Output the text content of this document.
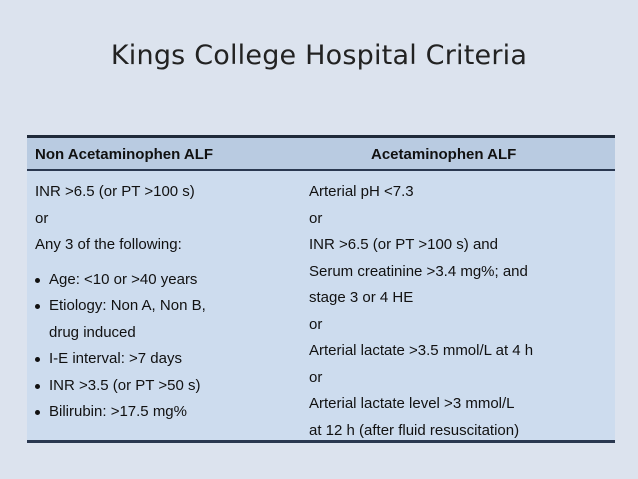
Kings College Hospital Criteria
Non Acetaminophen ALF	Acetaminophen ALF
INR >6.5 (or PT >100 s)
or
Any 3 of the following:
Age: <10 or >40 years
Etiology: Non A, Non B,
drug induced
I-E interval: >7 days
INR >3.5 (or PT >50 s)
Bilirubin: >17.5 mg%
Arterial pH <7.3
or
INR >6.5 (or PT >100 s) and
Serum creatinine >3.4 mg%; and
stage 3 or 4 HE
or
Arterial lactate >3.5 mmol/L at 4 h
or
Arterial lactate level >3 mmol/L
at 12 h (after fluid resuscitation)
